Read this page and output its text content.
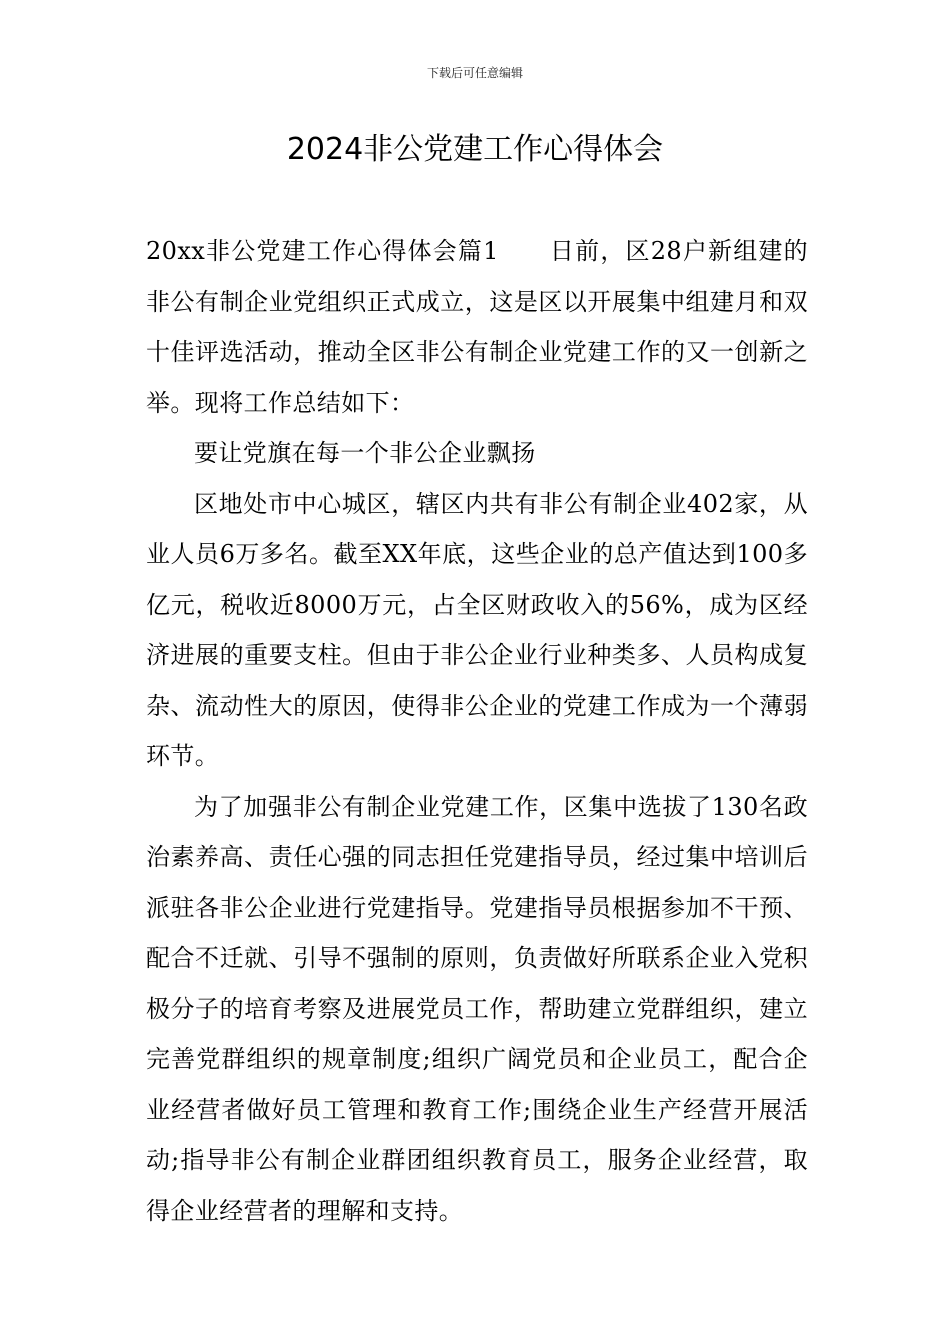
下载后可任意编辑
2024非公党建工作心得体会

20xx非公党建工作心得体会篇1　　日前，区28户新组建的非公有制企业党组织正式成立，这是区以开展集中组建月和双十佳评选活动，推动全区非公有制企业党建工作的又一创新之举。现将工作总结如下：

要让党旗在每一个非公企业飘扬

区地处市中心城区，辖区内共有非公有制企业402家，从业人员6万多名。截至XX年底，这些企业的总产值达到100多亿元，税收近8000万元，占全区财政收入的56%，成为区经济进展的重要支柱。但由于非公企业行业种类多、人员构成复杂、流动性大的原因，使得非公企业的党建工作成为一个薄弱环节。

为了加强非公有制企业党建工作，区集中选拔了130名政治素养高、责任心强的同志担任党建指导员，经过集中培训后派驻各非公企业进行党建指导。党建指导员根据参加不干预、配合不迁就、引导不强制的原则，负责做好所联系企业入党积极分子的培育考察及进展党员工作，帮助建立党群组织，建立完善党群组织的规章制度;组织广阔党员和企业员工，配合企业经营者做好员工管理和教育工作;围绕企业生产经营开展活动;指导非公有制企业群团组织教育员工，服务企业经营，取得企业经营者的理解和支持。
